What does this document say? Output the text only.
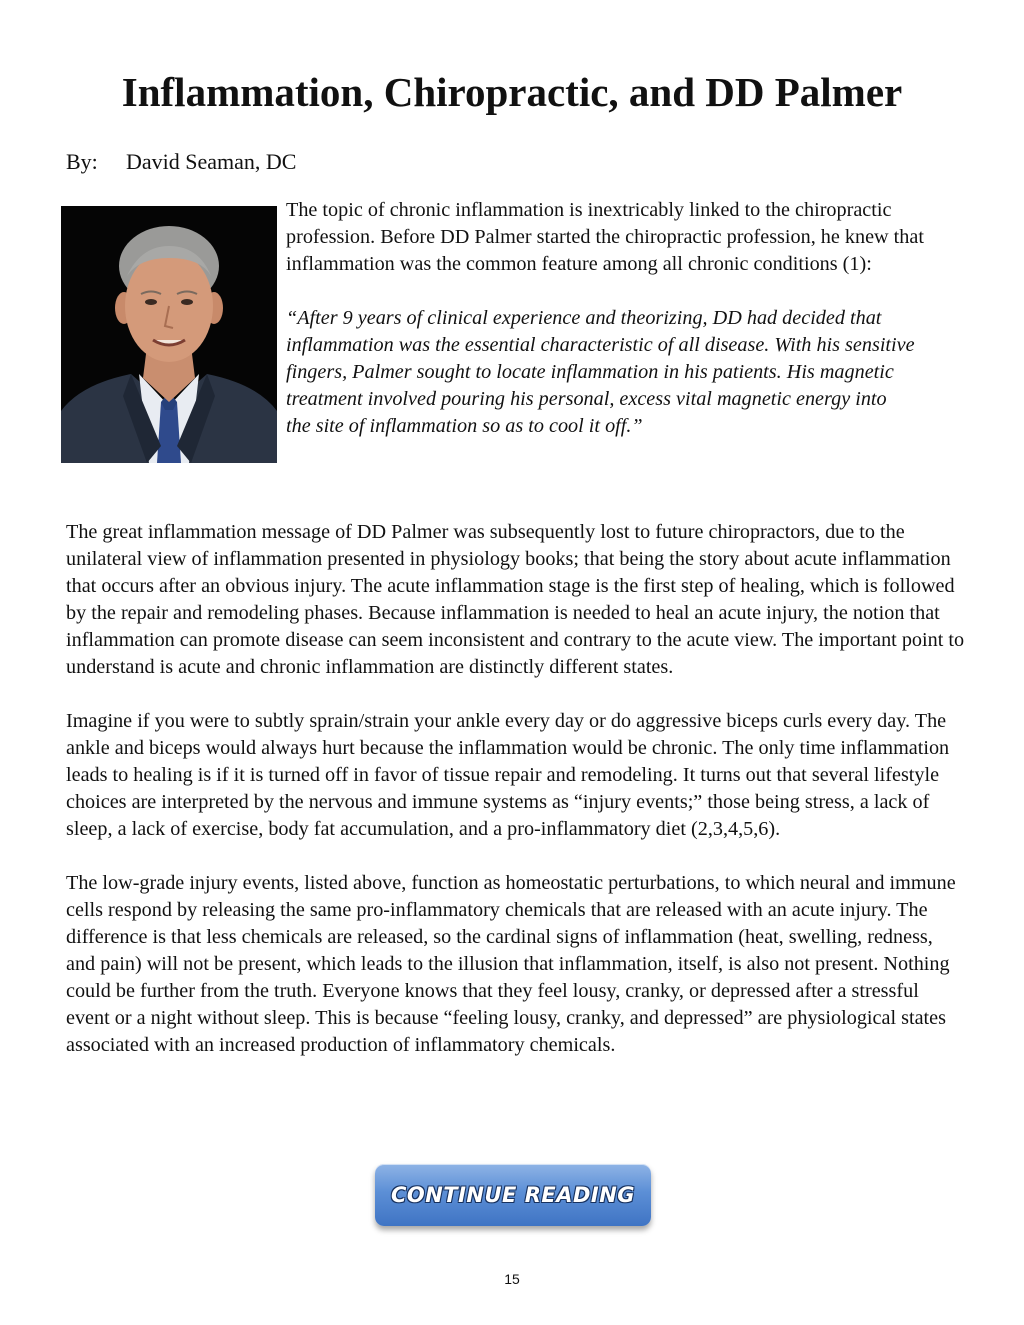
Inflammation, Chiropractic, and DD Palmer
By: David Seaman, DC

The topic of chronic inflammation is inextricably linked to the chiropractic profession. Before DD Palmer started the chiropractic profession, he knew that inflammation was the common feature among all chronic conditions (1):

“After 9 years of clinical experience and theorizing, DD had decided that inflammation was the essential characteristic of all disease. With his sensitive fingers, Palmer sought to locate inflammation in his patients. His magnetic treatment involved pouring his personal, excess vital magnetic energy into the site of inflammation so as to cool it off.”

The great inflammation message of DD Palmer was subsequently lost to future chiropractors, due to the unilateral view of inflammation presented in physiology books; that being the story about acute inflammation that occurs after an obvious injury. The acute inflammation stage is the first step of healing, which is followed by the repair and remodeling phases. Because inflammation is needed to heal an acute injury, the notion that inflammation can promote disease can seem inconsistent and contrary to the acute view. The important point to understand is acute and chronic inflammation are distinctly different states.

Imagine if you were to subtly sprain/strain your ankle every day or do aggressive biceps curls every day. The ankle and biceps would always hurt because the inflammation would be chronic. The only time inflammation leads to healing is if it is turned off in favor of tissue repair and remodeling. It turns out that several lifestyle choices are interpreted by the nervous and immune systems as “injury events;” those being stress, a lack of sleep, a lack of exercise, body fat accumulation, and a pro-inflammatory diet (2,3,4,5,6).

The low-grade injury events, listed above, function as homeostatic perturbations, to which neural and immune cells respond by releasing the same pro-inflammatory chemicals that are released with an acute injury. The difference is that less chemicals are released, so the cardinal signs of inflammation (heat, swelling, redness, and pain) will not be present, which leads to the illusion that inflammation, itself, is also not present. Nothing could be further from the truth. Everyone knows that they feel lousy, cranky, or depressed after a stressful event or a night without sleep. This is because “feeling lousy, cranky, and depressed” are physiological states associated with an increased production of inflammatory chemicals.

CONTINUE READING
15
